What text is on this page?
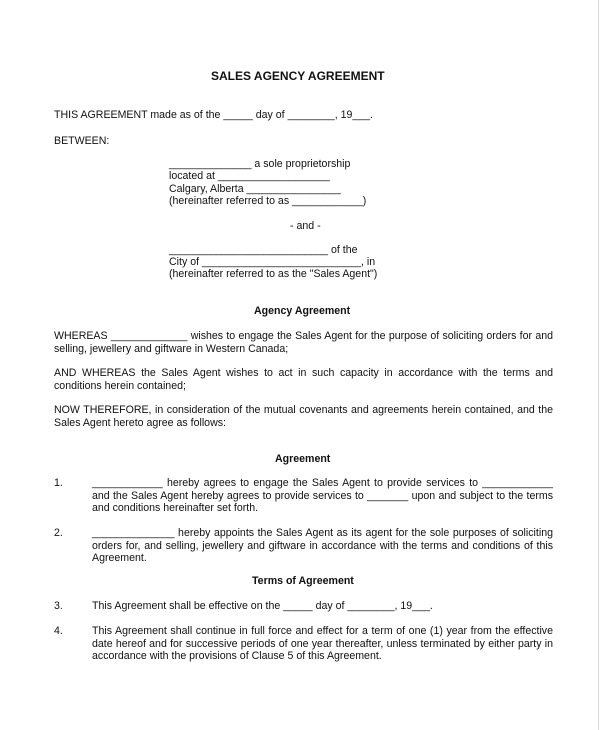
SALES AGENCY AGREEMENT
THIS AGREEMENT made as of the _____ day of ________, 19___.
BETWEEN:
______________ a sole proprietorship
located at ___________________
Calgary, Alberta ________________
(hereinafter referred to as ____________)
- and -
___________________________ of the
City of ___________________________, in
(hereinafter referred to as the "Sales Agent")
Agency Agreement
WHEREAS _____________ wishes to engage the Sales Agent for the purpose of soliciting orders for and selling, jewellery and giftware in Western Canada;
AND WHEREAS the Sales Agent wishes to act in such capacity in accordance with the terms and conditions herein contained;
NOW THEREFORE, in consideration of the mutual covenants and agreements herein contained, and the Sales Agent hereto agree as follows:
Agreement
1.	____________ hereby agrees to engage the Sales Agent to provide services to ____________ and the Sales Agent hereby agrees to provide services to _______ upon and subject to the terms and conditions hereinafter set forth.
2.	______________ hereby appoints the Sales Agent as its agent for the sole purposes of soliciting orders for, and selling, jewellery and giftware in accordance with the terms and conditions of this Agreement.
Terms of Agreement
3.	This Agreement shall be effective on the _____ day of ________, 19___.
4.	This Agreement shall continue in full force and effect for a term of one (1) year from the effective date hereof and for successive periods of one year thereafter, unless terminated by either party in accordance with the provisions of Clause 5 of this Agreement.
